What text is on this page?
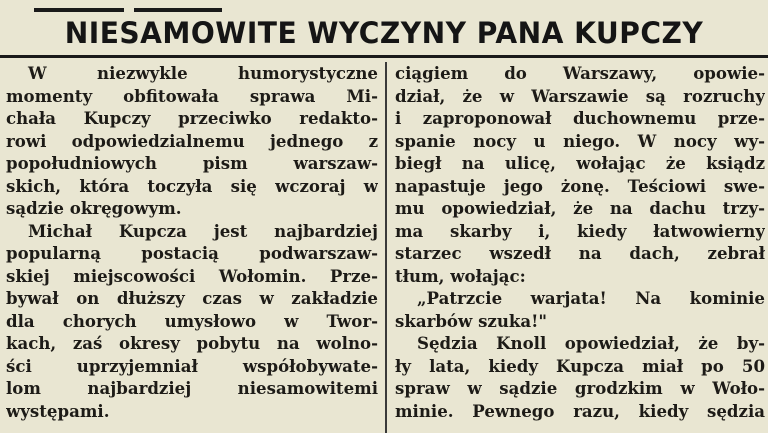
NIESAMOWITE WYCZYNY PANA KUPCZY
W niezwykle humorystyczne
momenty obfitowała sprawa Mi-
chała Kupczy przeciwko redakto-
rowi odpowiedzialnemu jednego z
popołudniowych pism warszaw-
skich, która toczyła się wczoraj w
sądzie okręgowym.
Michał Kupcza jest najbardziej
popularną postacią podwarszaw-
skiej miejscowości Wołomin. Prze-
bywał on dłuższy czas w zakładzie
dla chorych umysłowo w Twor-
kach, zaś okresy pobytu na wolno-
ści uprzyjemniał współobywate-
lom najbardziej niesamowitemi
występami.
ciągiem do Warszawy, opowie-
dział, że w Warszawie są rozruchy
i zaproponował duchownemu prze-
spanie nocy u niego. W nocy wy-
biegł na ulicę, wołając że ksiądz
napastuje jego żonę. Teściowi swe-
mu opowiedział, że na dachu trzy-
ma skarby i, kiedy łatwowierny
starzec wszedł na dach, zebrał
tłum, wołając:
„Patrzcie warjata! Na kominie
skarbów szuka!"
Sędzia Knoll opowiedział, że by-
ły lata, kiedy Kupcza miał po 50
spraw w sądzie grodzkim w Woło-
minie. Pewnego razu, kiedy sędzia
